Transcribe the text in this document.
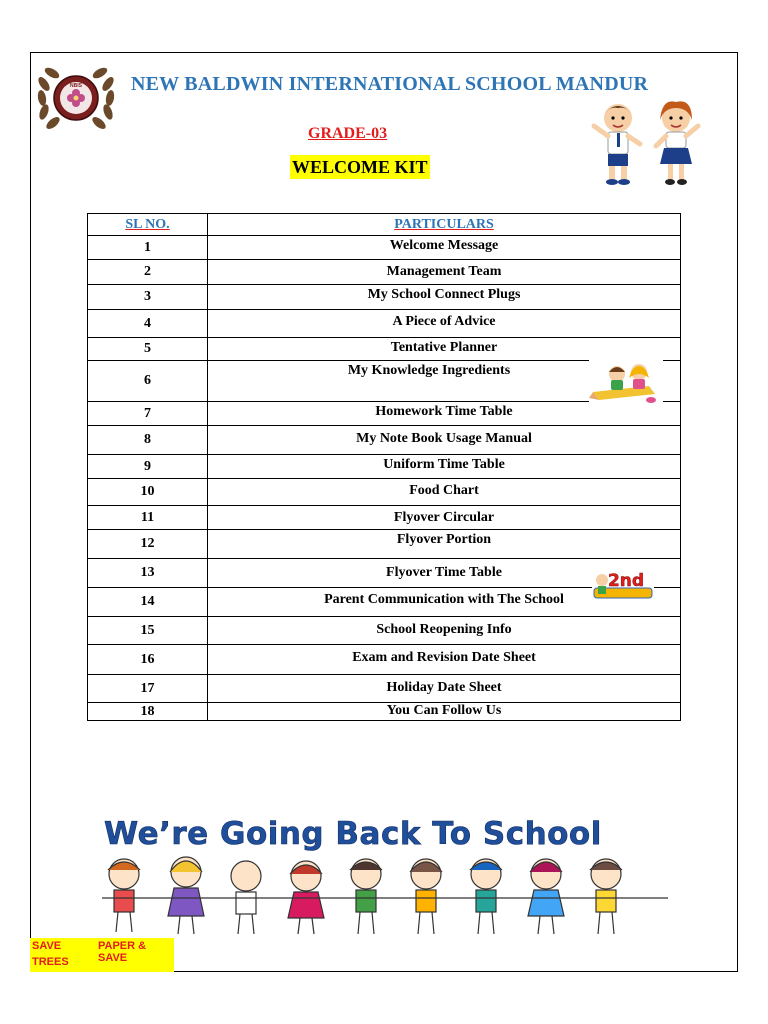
NBIS NEW BALDWIN INTERNATIONAL SCHOOL MANDUR
GRADE-03
WELCOME KIT
SL NO.	PARTICULARS
1	Welcome Message
2	Management Team
3	My School Connect Plugs
4	A Piece of Advice
5	Tentative Planner
6	My Knowledge Ingredients
7	Homework Time Table
8	My Note Book Usage Manual
9	Uniform Time Table
10	Food Chart
11	Flyover Circular
12	Flyover Portion
13	Flyover Time Table
14	Parent Communication with The School
15	School Reopening Info
16	Exam and Revision Date Sheet
17	Holiday Date Sheet
18	You Can Follow Us
2nd
We’re Going Back To School
SAVE	PAPER & SAVE
TREES
